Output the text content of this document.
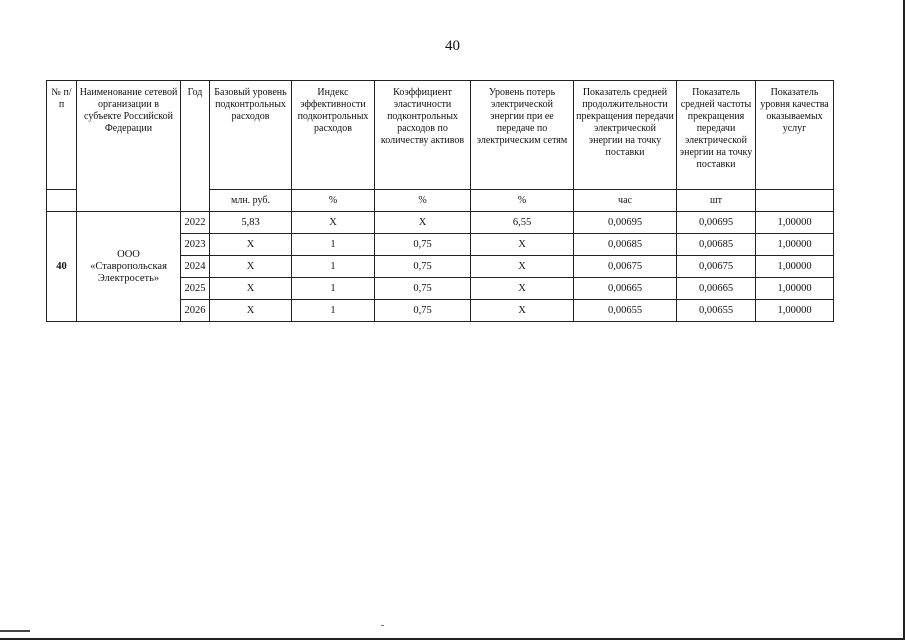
40
№ п/п	Наименование сетевой организации в субъекте Российской Федерации	Год	Базовый уровень подконтрольных расходов	Индекс эффективности подконтрольных расходов	Коэффициент эластичности подконтрольных расходов по количеству активов	Уровень потерь электрической энергии при ее передаче по электрическим сетям	Показатель средней продолжительности прекращения передачи электрической энергии на точку поставки	Показатель средней частоты прекращения передачи электрической энергии на точку поставки	Показатель уровня качества оказываемых услуг
			млн. руб.	%	%	%	час	шт	
40	ООО «Ставропольская Электросеть»	2022	5,83	Х	Х	6,55	0,00695	0,00695	1,00000
		2023	Х	1	0,75	Х	0,00685	0,00685	1,00000
		2024	Х	1	0,75	Х	0,00675	0,00675	1,00000
		2025	Х	1	0,75	Х	0,00665	0,00665	1,00000
		2026	Х	1	0,75	Х	0,00655	0,00655	1,00000
